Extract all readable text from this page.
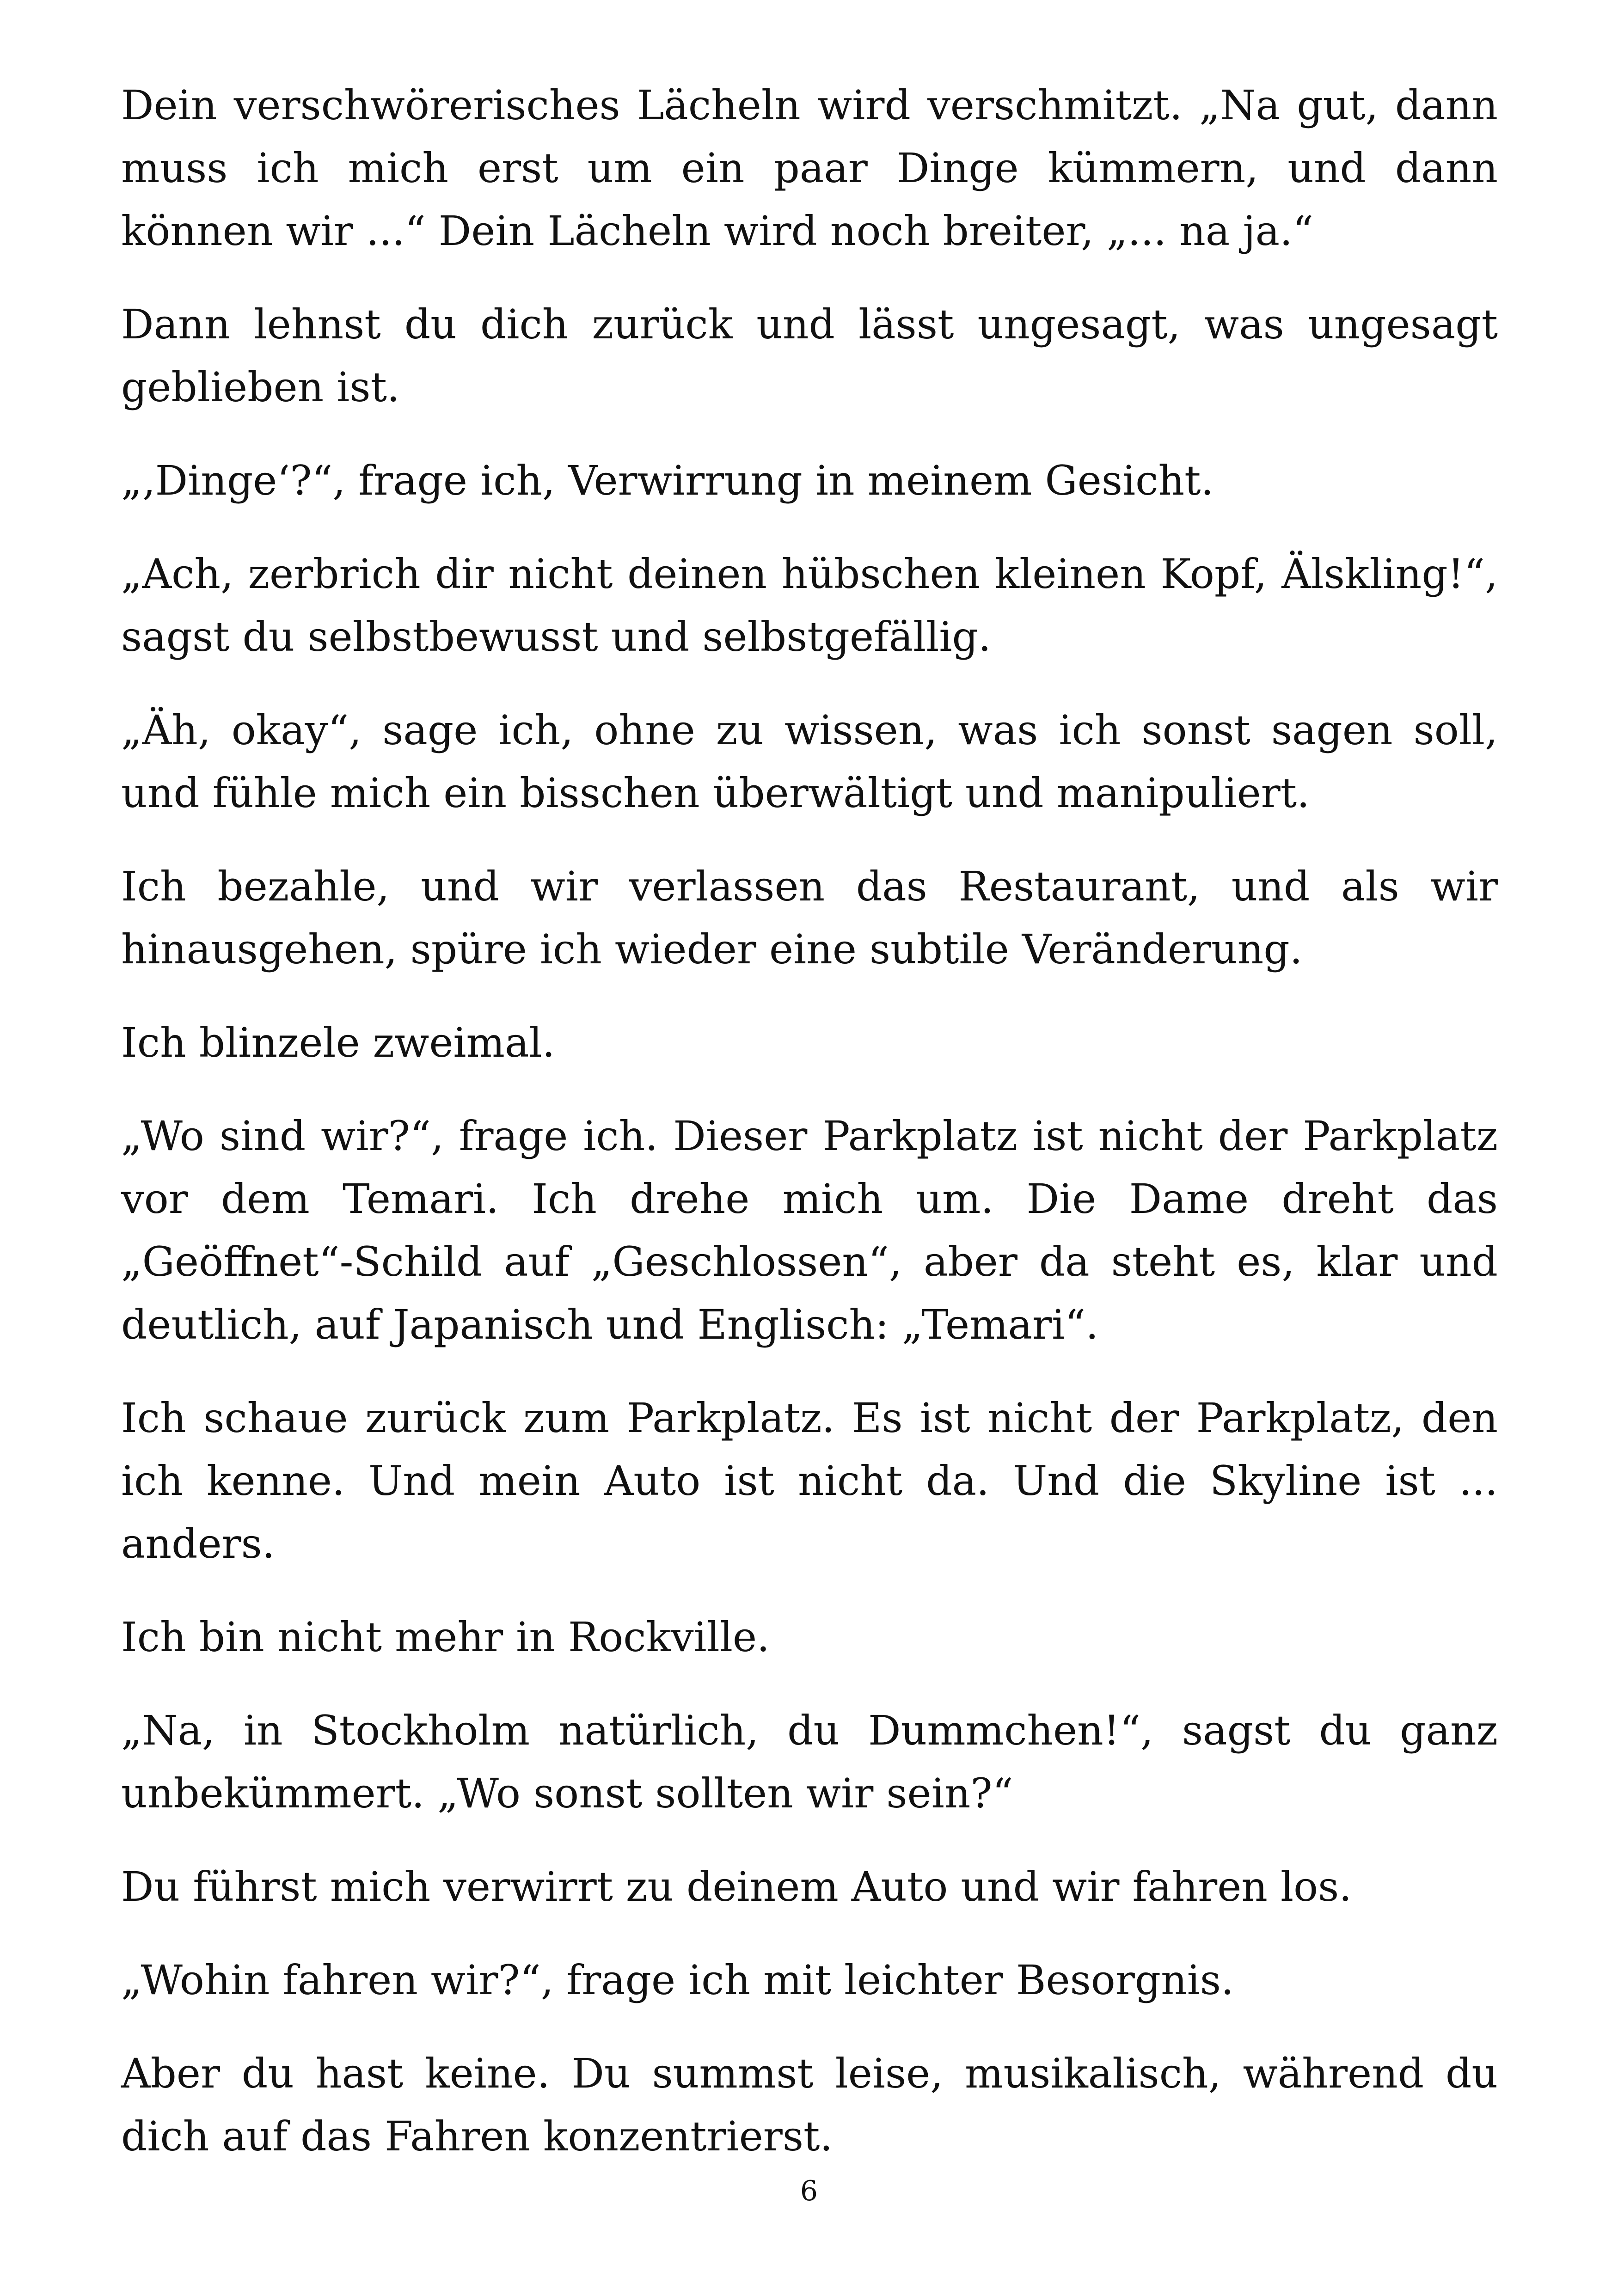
Dein verschwörerisches Lächeln wird verschmitzt. „Na gut, dann muss ich mich erst um ein paar Dinge kümmern, und dann können wir ...“ Dein Lächeln wird noch breiter, „... na ja.“

Dann lehnst du dich zurück und lässt ungesagt, was ungesagt geblieben ist.

„‚Dinge‘?“, frage ich, Verwirrung in meinem Gesicht.

„Ach, zerbrich dir nicht deinen hübschen kleinen Kopf, Älskling!“, sagst du selbstbewusst und selbstgefällig.

„Äh, okay“, sage ich, ohne zu wissen, was ich sonst sagen soll, und fühle mich ein bisschen überwältigt und manipuliert.

Ich bezahle, und wir verlassen das Restaurant, und als wir hinausgehen, spüre ich wieder eine subtile Veränderung.

Ich blinzele zweimal.

„Wo sind wir?“, frage ich. Dieser Parkplatz ist nicht der Parkplatz vor dem Temari. Ich drehe mich um. Die Dame dreht das „Geöffnet“-Schild auf „Geschlossen“, aber da steht es, klar und deutlich, auf Japanisch und Englisch: „Temari“.

Ich schaue zurück zum Parkplatz. Es ist nicht der Parkplatz, den ich kenne. Und mein Auto ist nicht da. Und die Skyline ist ... anders.

Ich bin nicht mehr in Rockville.

„Na, in Stockholm natürlich, du Dummchen!“, sagst du ganz unbekümmert. „Wo sonst sollten wir sein?“

Du führst mich verwirrt zu deinem Auto und wir fahren los.

„Wohin fahren wir?“, frage ich mit leichter Besorgnis.

Aber du hast keine. Du summst leise, musikalisch, während du dich auf das Fahren konzentrierst.

6
